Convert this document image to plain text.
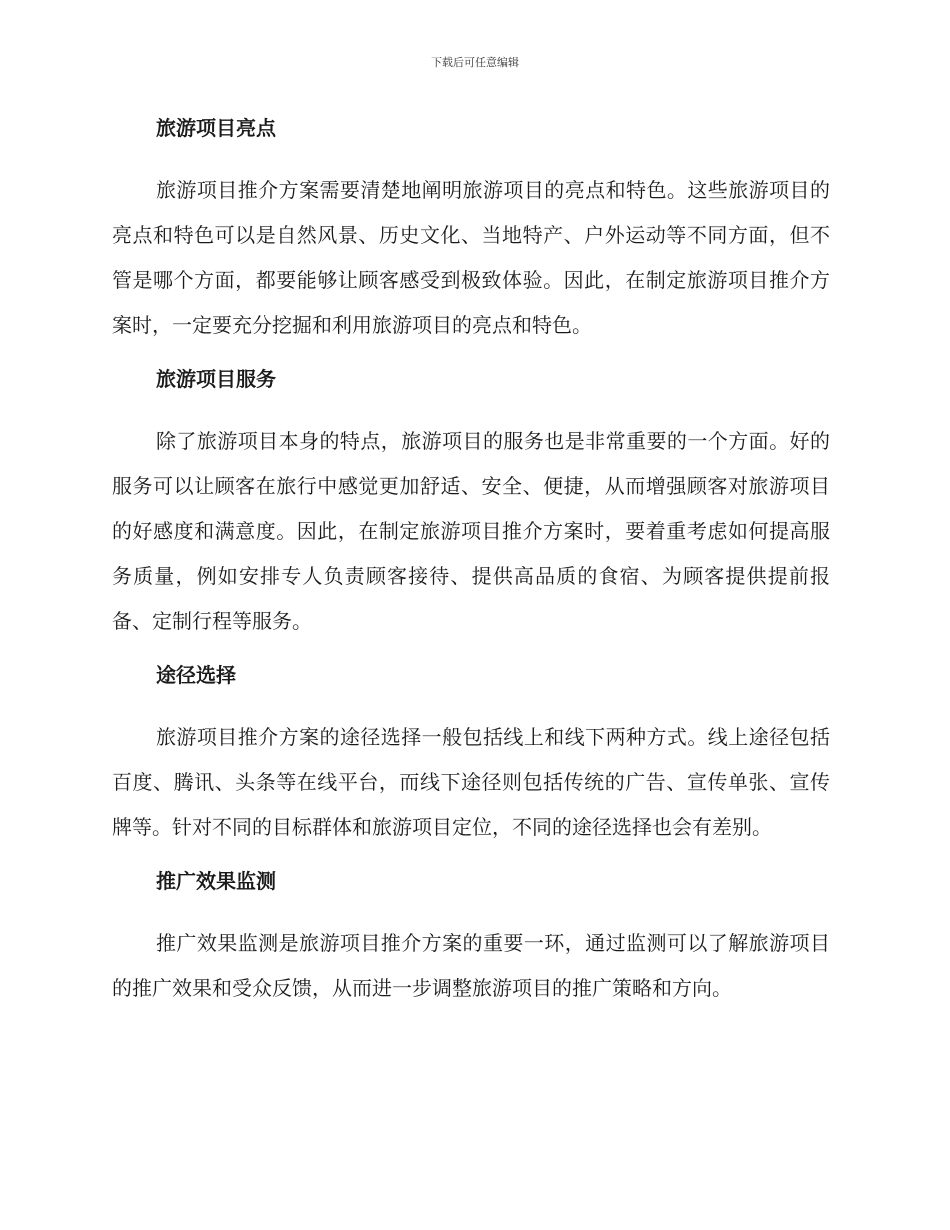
下载后可任意编辑
旅游项目亮点

旅游项目推介方案需要清楚地阐明旅游项目的亮点和特色。这些旅游项目的亮点和特色可以是自然风景、历史文化、当地特产、户外运动等不同方面，但不管是哪个方面，都要能够让顾客感受到极致体验。因此，在制定旅游项目推介方案时，一定要充分挖掘和利用旅游项目的亮点和特色。

旅游项目服务

除了旅游项目本身的特点，旅游项目的服务也是非常重要的一个方面。好的服务可以让顾客在旅行中感觉更加舒适、安全、便捷，从而增强顾客对旅游项目的好感度和满意度。因此，在制定旅游项目推介方案时，要着重考虑如何提高服务质量，例如安排专人负责顾客接待、提供高品质的食宿、为顾客提供提前报备、定制行程等服务。

途径选择

旅游项目推介方案的途径选择一般包括线上和线下两种方式。线上途径包括百度、腾讯、头条等在线平台，而线下途径则包括传统的广告、宣传单张、宣传牌等。针对不同的目标群体和旅游项目定位，不同的途径选择也会有差别。

推广效果监测

推广效果监测是旅游项目推介方案的重要一环，通过监测可以了解旅游项目的推广效果和受众反馈，从而进一步调整旅游项目的推广策略和方向。
